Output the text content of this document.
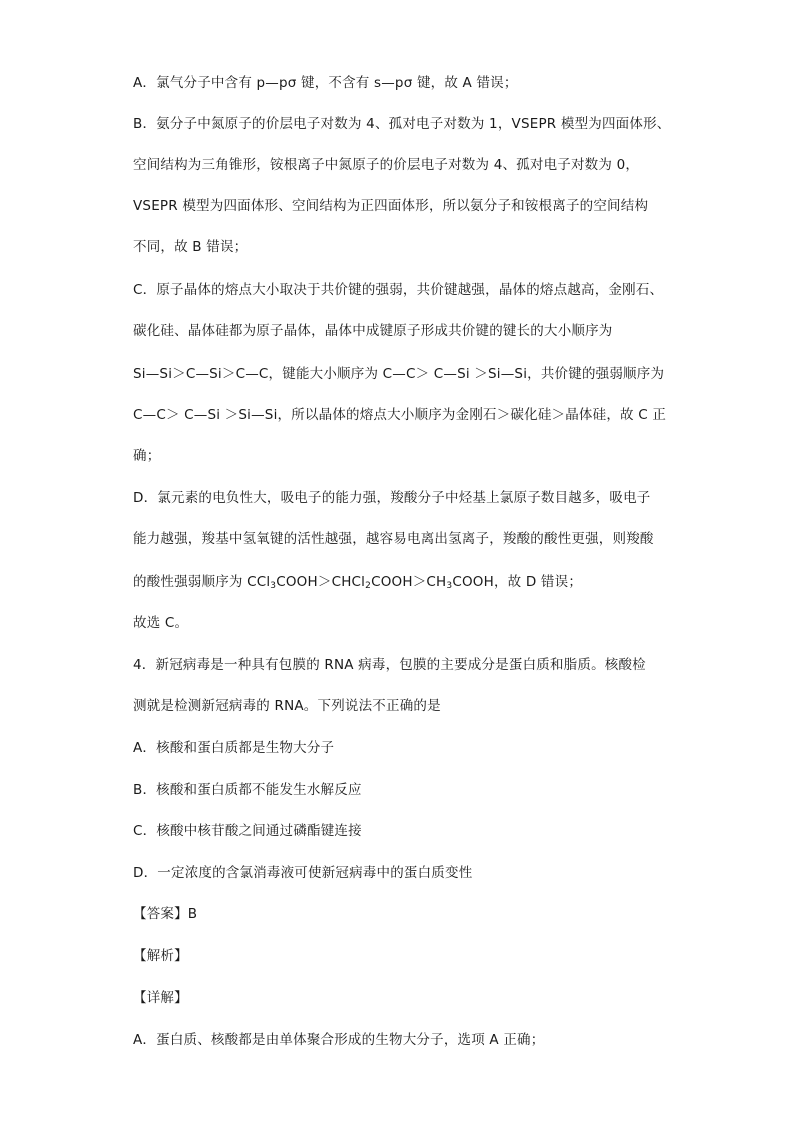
A．氯气分子中含有 p—pσ 键，不含有 s—pσ 键，故 A 错误；
B．氨分子中氮原子的价层电子对数为 4、孤对电子对数为 1，VSEPR 模型为四面体形、
空间结构为三角锥形，铵根离子中氮原子的价层电子对数为 4、孤对电子对数为 0，
VSEPR 模型为四面体形、空间结构为正四面体形，所以氨分子和铵根离子的空间结构
不同，故 B 错误；
C．原子晶体的熔点大小取决于共价键的强弱，共价键越强，晶体的熔点越高，金刚石、
碳化硅、晶体硅都为原子晶体，晶体中成键原子形成共价键的键长的大小顺序为
Si—Si＞C—Si＞C—C，键能大小顺序为 C—C＞ C—Si ＞Si—Si，共价键的强弱顺序为
C—C＞ C—Si ＞Si—Si，所以晶体的熔点大小顺序为金刚石＞碳化硅＞晶体硅，故 C 正
确；
D．氯元素的电负性大，吸电子的能力强，羧酸分子中烃基上氯原子数目越多，吸电子
能力越强，羧基中氢氧键的活性越强，越容易电离出氢离子，羧酸的酸性更强，则羧酸
的酸性强弱顺序为 $CCl_3COOH>CHCl_2COOH>CH_3COOH$，故 D 错误；
故选 C。
4．新冠病毒是一种具有包膜的 RNA 病毒，包膜的主要成分是蛋白质和脂质。核酸检
测就是检测新冠病毒的 RNA。下列说法不正确的是
A．核酸和蛋白质都是生物大分子
B．核酸和蛋白质都不能发生水解反应
C．核酸中核苷酸之间通过磷酯键连接
D．一定浓度的含氯消毒液可使新冠病毒中的蛋白质变性
【答案】B
【解析】
【详解】
A．蛋白质、核酸都是由单体聚合形成的生物大分子，选项 A 正确；
